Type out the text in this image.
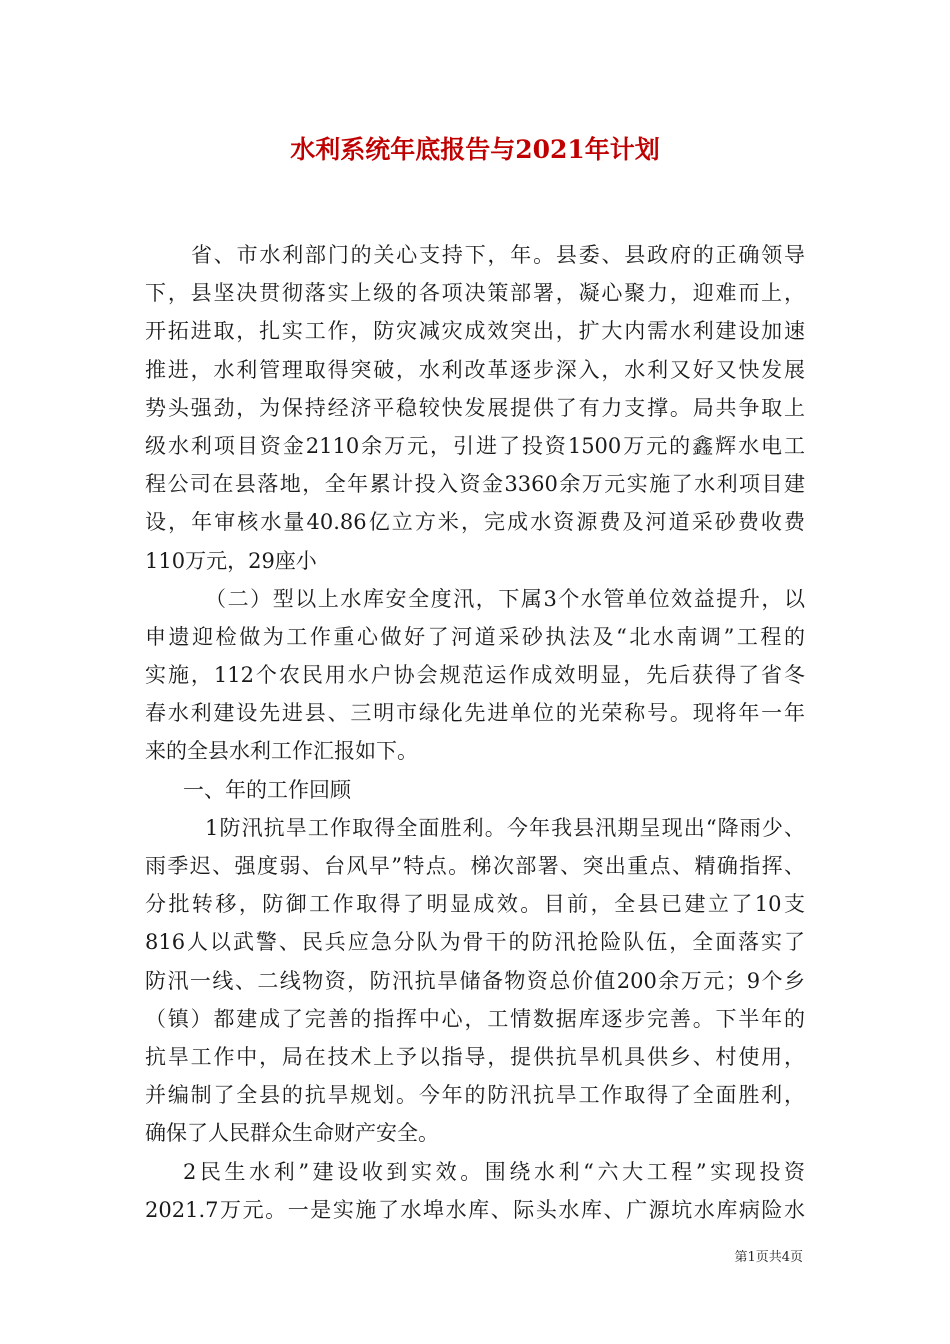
水利系统年底报告与2021年计划
省、市水利部门的关心支持下，年。县委、县政府的正确领导
下，县坚决贯彻落实上级的各项决策部署，凝心聚力，迎难而上，
开拓进取，扎实工作，防灾减灾成效突出，扩大内需水利建设加速
推进，水利管理取得突破，水利改革逐步深入，水利又好又快发展
势头强劲，为保持经济平稳较快发展提供了有力支撑。局共争取上
级水利项目资金2110余万元，引进了投资1500万元的鑫辉水电工
程公司在县落地，全年累计投入资金3360余万元实施了水利项目建
设，年审核水量40.86亿立方米，完成水资源费及河道采砂费收费
110万元，29座小
（二）型以上水库安全度汛，下属3个水管单位效益提升，以
申遗迎检做为工作重心做好了河道采砂执法及“北水南调”工程的
实施，112个农民用水户协会规范运作成效明显，先后获得了省冬
春水利建设先进县、三明市绿化先进单位的光荣称号。现将年一年
来的全县水利工作汇报如下。
一、年的工作回顾
1防汛抗旱工作取得全面胜利。今年我县汛期呈现出“降雨少、
雨季迟、强度弱、台风早”特点。梯次部署、突出重点、精确指挥、
分批转移，防御工作取得了明显成效。目前，全县已建立了10支
816人以武警、民兵应急分队为骨干的防汛抢险队伍，全面落实了
防汛一线、二线物资，防汛抗旱储备物资总价值200余万元；9个乡
（镇）都建成了完善的指挥中心，工情数据库逐步完善。下半年的
抗旱工作中，局在技术上予以指导，提供抗旱机具供乡、村使用，
并编制了全县的抗旱规划。今年的防汛抗旱工作取得了全面胜利，
确保了人民群众生命财产安全。
2民生水利”建设收到实效。围绕水利“六大工程”实现投资
2021.7万元。一是实施了水埠水库、际头水库、广源坑水库病险水
第1页共4页
